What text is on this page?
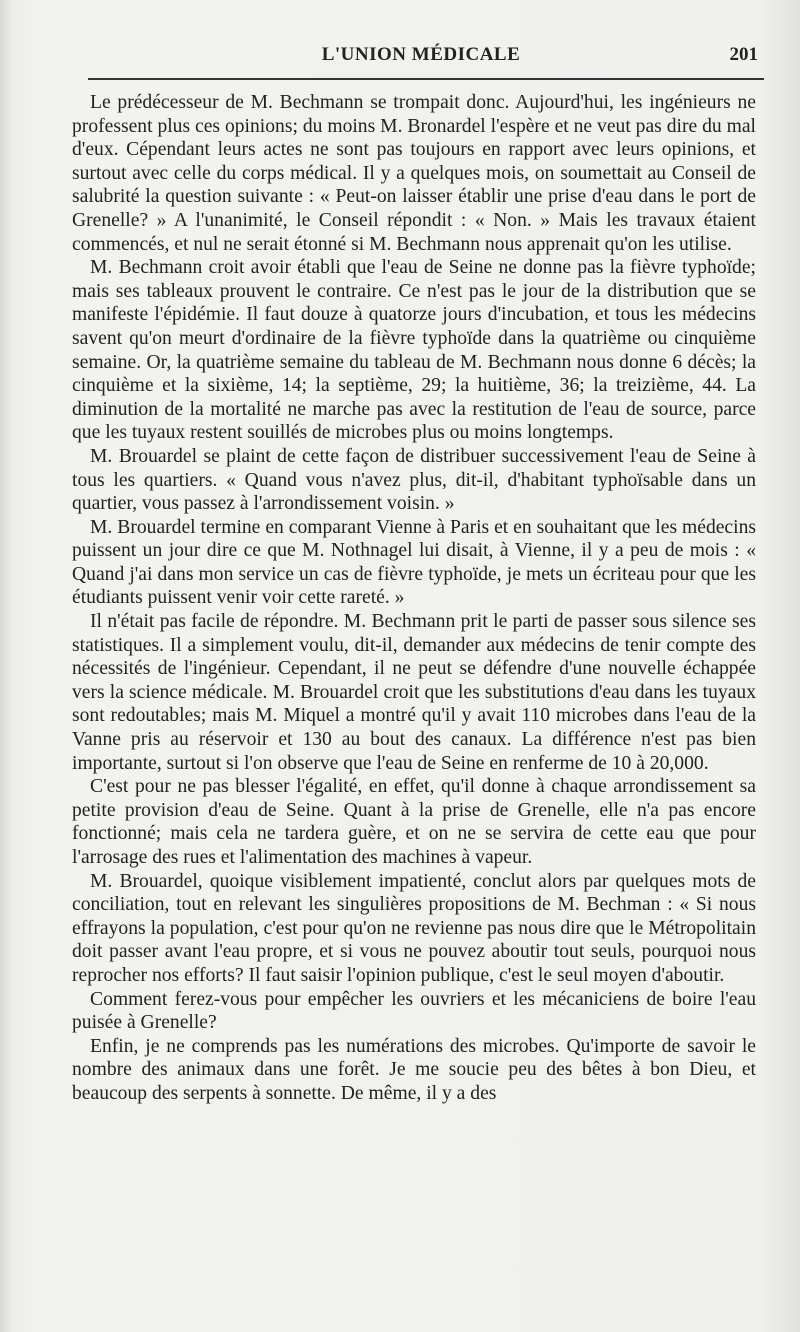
L'UNION MÉDICALE	201

Le prédécesseur de M. Bechmann se trompait donc. Aujourd'hui, les ingénieurs ne professent plus ces opinions; du moins M. Bronardel l'espère et ne veut pas dire du mal d'eux. Cépendant leurs actes ne sont pas toujours en rapport avec leurs opinions, et surtout avec celle du corps médical. Il y a quelques mois, on soumettait au Conseil de salubrité la question suivante : « Peut-on laisser établir une prise d'eau dans le port de Grenelle? » A l'unanimité, le Conseil répondit : « Non. » Mais les travaux étaient commencés, et nul ne serait étonné si M. Bechmann nous apprenait qu'on les utilise.

M. Bechmann croit avoir établi que l'eau de Seine ne donne pas la fièvre typhoïde; mais ses tableaux prouvent le contraire. Ce n'est pas le jour de la distribution que se manifeste l'épidémie. Il faut douze à quatorze jours d'incubation, et tous les médecins savent qu'on meurt d'ordinaire de la fièvre typhoïde dans la quatrième ou cinquième semaine. Or, la quatrième semaine du tableau de M. Bechmann nous donne 6 décès; la cinquième et la sixième, 14; la septième, 29; la huitième, 36; la treizième, 44. La diminution de la mortalité ne marche pas avec la restitution de l'eau de source, parce que les tuyaux restent souillés de microbes plus ou moins longtemps.

M. Brouardel se plaint de cette façon de distribuer successivement l'eau de Seine à tous les quartiers. « Quand vous n'avez plus, dit-il, d'habitant typhoïsable dans un quartier, vous passez à l'arrondissement voisin. »

M. Brouardel termine en comparant Vienne à Paris et en souhaitant que les médecins puissent un jour dire ce que M. Nothnagel lui disait, à Vienne, il y a peu de mois : « Quand j'ai dans mon service un cas de fièvre typhoïde, je mets un écriteau pour que les étudiants puissent venir voir cette rareté. »

Il n'était pas facile de répondre. M. Bechmann prit le parti de passer sous silence ses statistiques. Il a simplement voulu, dit-il, demander aux médecins de tenir compte des nécessités de l'ingénieur. Cependant, il ne peut se défendre d'une nouvelle échappée vers la science médicale. M. Brouardel croit que les substitutions d'eau dans les tuyaux sont redoutables; mais M. Miquel a montré qu'il y avait 110 microbes dans l'eau de la Vanne pris au réservoir et 130 au bout des canaux. La différence n'est pas bien importante, surtout si l'on observe que l'eau de Seine en renferme de 10 à 20,000.

C'est pour ne pas blesser l'égalité, en effet, qu'il donne à chaque arrondissement sa petite provision d'eau de Seine. Quant à la prise de Grenelle, elle n'a pas encore fonctionné; mais cela ne tardera guère, et on ne se servira de cette eau que pour l'arrosage des rues et l'alimentation des machines à vapeur.

M. Brouardel, quoique visiblement impatienté, conclut alors par quelques mots de conciliation, tout en relevant les singulières propositions de M. Bechman : « Si nous effrayons la population, c'est pour qu'on ne revienne pas nous dire que le Métropolitain doit passer avant l'eau propre, et si vous ne pouvez aboutir tout seuls, pourquoi nous reprocher nos efforts? Il faut saisir l'opinion publique, c'est le seul moyen d'aboutir.

Comment ferez-vous pour empêcher les ouvriers et les mécaniciens de boire l'eau puisée à Grenelle?

Enfin, je ne comprends pas les numérations des microbes. Qu'importe de savoir le nombre des animaux dans une forêt. Je me soucie peu des bêtes à bon Dieu, et beaucoup des serpents à sonnette. De même, il y a des
